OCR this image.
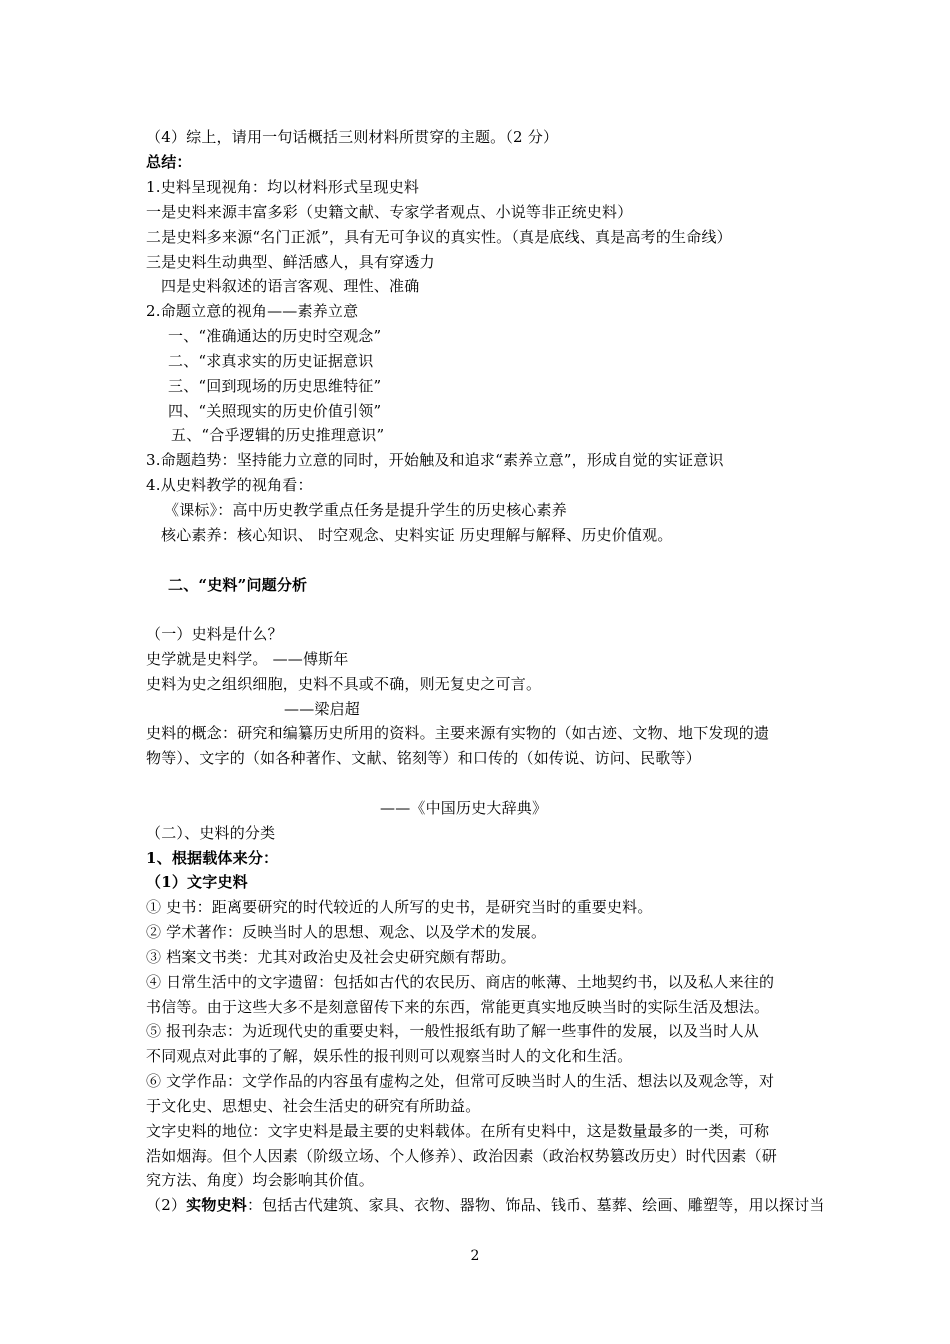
（4）综上，请用一句话概括三则材料所贯穿的主题。（2 分）
总结：
1.史料呈现视角：均以材料形式呈现史料
一是史料来源丰富多彩（史籍文献、专家学者观点、小说等非正统史料）
二是史料多来源“名门正派”，具有无可争议的真实性。（真是底线、真是高考的生命线）
三是史料生动典型、鲜活感人，具有穿透力
四是史料叙述的语言客观、理性、准确
2.命题立意的视角——素养立意
一、“准确通达的历史时空观念”
二、“求真求实的历史证据意识
三、“回到现场的历史思维特征”
四、“关照现实的历史价值引领”
五、“合乎逻辑的历史推理意识”
3.命题趋势：坚持能力立意的同时，开始触及和追求“素养立意”，形成自觉的实证意识
4.从史料教学的视角看：
《课标》：高中历史教学重点任务是提升学生的历史核心素养
核心素养：核心知识、 时空观念、史料实证 历史理解与解释、历史价值观。
二、“史料”问题分析
（一）史料是什么？
史学就是史料学。 ——傅斯年
史料为史之组织细胞，史料不具或不确，则无复史之可言。
——梁启超
史料的概念：研究和编纂历史所用的资料。主要来源有实物的（如古迹、文物、地下发现的遗
物等）、文字的（如各种著作、文献、铭刻等）和口传的（如传说、访问、民歌等）
——《中国历史大辞典》
（二）、史料的分类
1、根据载体来分：
（1）文字史料
① 史书：距离要研究的时代较近的人所写的史书，是研究当时的重要史料。
② 学术著作：反映当时人的思想、观念、以及学术的发展。
③ 档案文书类：尤其对政治史及社会史研究颇有帮助。
④ 日常生活中的文字遗留：包括如古代的农民历、商店的帐薄、土地契约书，以及私人来往的
书信等。由于这些大多不是刻意留传下来的东西，常能更真实地反映当时的实际生活及想法。
⑤ 报刊杂志：为近现代史的重要史料，一般性报纸有助了解一些事件的发展，以及当时人从
不同观点对此事的了解，娱乐性的报刊则可以观察当时人的文化和生活。
⑥ 文学作品：文学作品的内容虽有虚构之处，但常可反映当时人的生活、想法以及观念等，对
于文化史、思想史、社会生活史的研究有所助益。
文字史料的地位：文字史料是最主要的史料载体。在所有史料中，这是数量最多的一类，可称
浩如烟海。但个人因素（阶级立场、个人修养）、政治因素（政治权势篡改历史）时代因素（研
究方法、角度）均会影响其价值。
（2）实物史料：包括古代建筑、家具、衣物、器物、饰品、钱币、墓葬、绘画、雕塑等，用以探讨当
2
